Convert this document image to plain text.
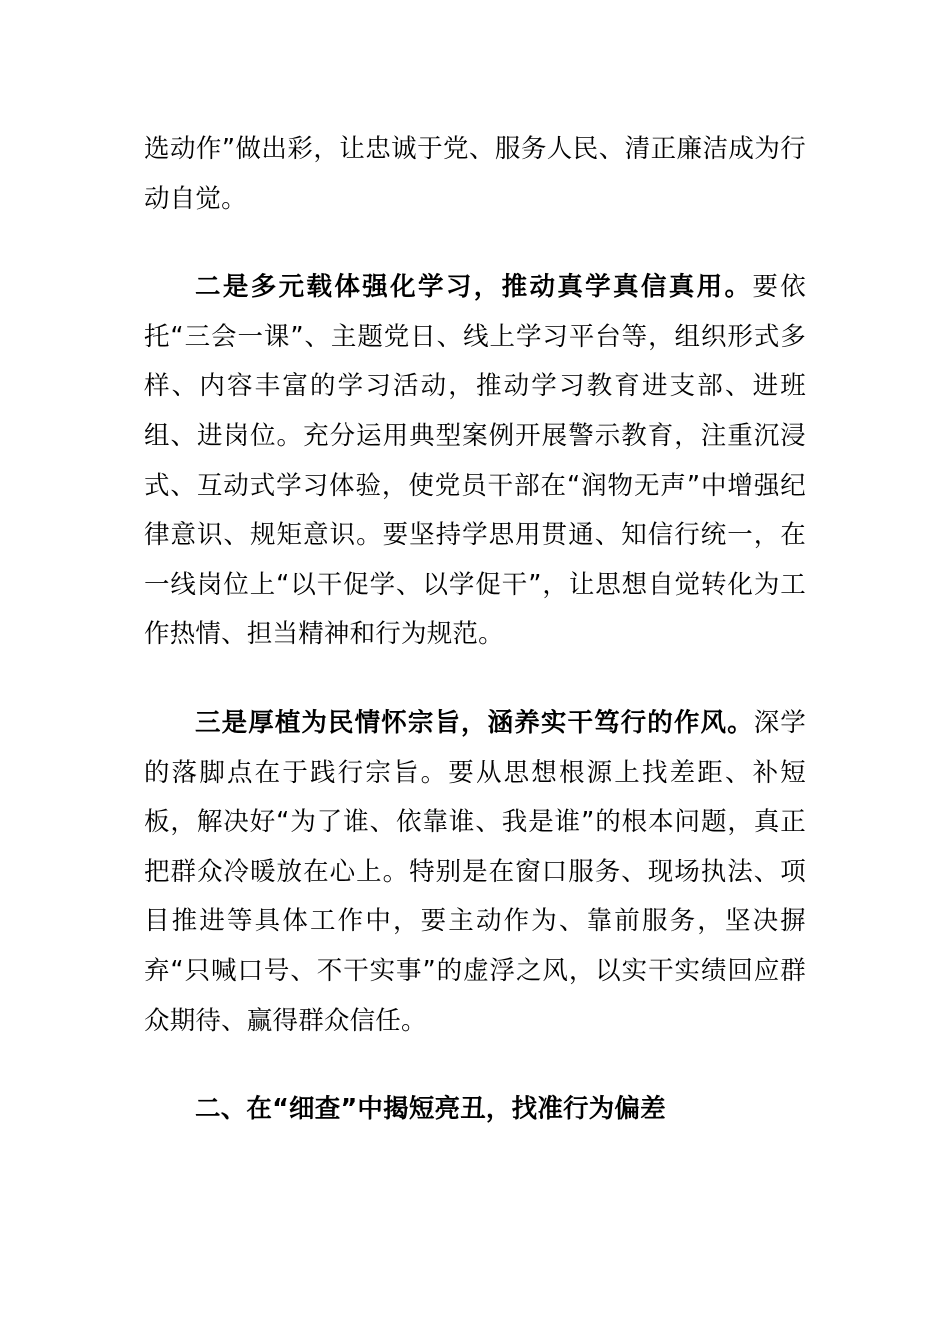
选动作”做出彩，让忠诚于党、服务人民、清正廉洁成为行动自觉。

二是多元载体强化学习，推动真学真信真用。要依托“三会一课”、主题党日、线上学习平台等，组织形式多样、内容丰富的学习活动，推动学习教育进支部、进班组、进岗位。充分运用典型案例开展警示教育，注重沉浸式、互动式学习体验，使党员干部在“润物无声”中增强纪律意识、规矩意识。要坚持学思用贯通、知信行统一，在一线岗位上“以干促学、以学促干”，让思想自觉转化为工作热情、担当精神和行为规范。

三是厚植为民情怀宗旨，涵养实干笃行的作风。深学的落脚点在于践行宗旨。要从思想根源上找差距、补短板，解决好“为了谁、依靠谁、我是谁”的根本问题，真正把群众冷暖放在心上。特别是在窗口服务、现场执法、项目推进等具体工作中，要主动作为、靠前服务，坚决摒弃“只喊口号、不干实事”的虚浮之风，以实干实绩回应群众期待、赢得群众信任。

二、在“细查”中揭短亮丑，找准行为偏差
